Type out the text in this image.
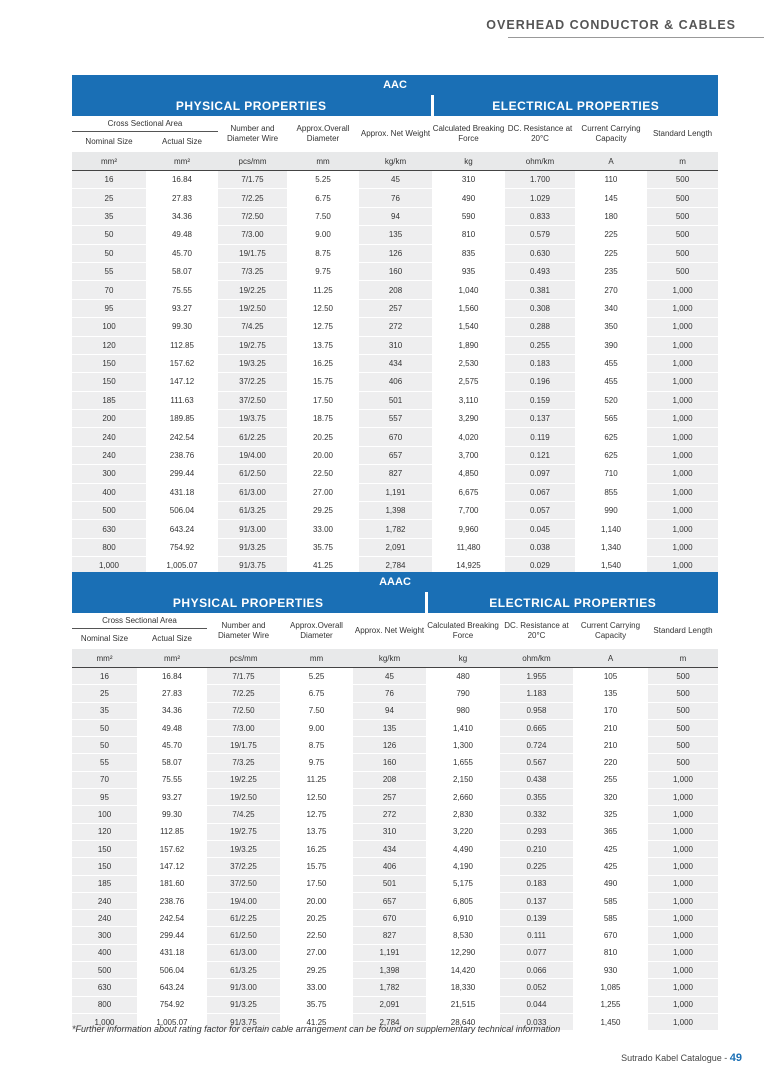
OVERHEAD CONDUCTOR & CABLES
AAC								
PHYSICAL PROPERTIES					ELECTRICAL PROPERTIES			
Cross Sectional Area		Number and Diameter Wire	Approx.Overall Diameter	Approx. Net Weight	Calculated Breaking Force	DC. Resistance at 20°C	Current Carrying Capacity	Standard Length
Nominal Size	Actual Size							
mm²	mm²	pcs/mm	mm	kg/km	kg	ohm/km	A	m
16	16.84	7/1.75	5.25	45	310	1.700	110	500
25	27.83	7/2.25	6.75	76	490	1.029	145	500
35	34.36	7/2.50	7.50	94	590	0.833	180	500
50	49.48	7/3.00	9.00	135	810	0.579	225	500
50	45.70	19/1.75	8.75	126	835	0.630	225	500
55	58.07	7/3.25	9.75	160	935	0.493	235	500
70	75.55	19/2.25	11.25	208	1,040	0.381	270	1,000
95	93.27	19/2.50	12.50	257	1,560	0.308	340	1,000
100	99.30	7/4.25	12.75	272	1,540	0.288	350	1,000
120	112.85	19/2.75	13.75	310	1,890	0.255	390	1,000
150	157.62	19/3.25	16.25	434	2,530	0.183	455	1,000
150	147.12	37/2.25	15.75	406	2,575	0.196	455	1,000
185	111.63	37/2.50	17.50	501	3,110	0.159	520	1,000
200	189.85	19/3.75	18.75	557	3,290	0.137	565	1,000
240	242.54	61/2.25	20.25	670	4,020	0.119	625	1,000
240	238.76	19/4.00	20.00	657	3,700	0.121	625	1,000
300	299.44	61/2.50	22.50	827	4,850	0.097	710	1,000
400	431.18	61/3.00	27.00	1,191	6,675	0.067	855	1,000
500	506.04	61/3.25	29.25	1,398	7,700	0.057	990	1,000
630	643.24	91/3.00	33.00	1,782	9,960	0.045	1,140	1,000
800	754.92	91/3.25	35.75	2,091	11,480	0.038	1,340	1,000
1,000	1,005.07	91/3.75	41.25	2,784	14,925	0.029	1,540	1,000
AAAC								
PHYSICAL PROPERTIES					ELECTRICAL PROPERTIES			
Cross Sectional Area		Number and Diameter Wire	Approx.Overall Diameter	Approx. Net Weight	Calculated Breaking Force	DC. Resistance at 20°C	Current Carrying Capacity	Standard Length
Nominal Size	Actual Size							
mm²	mm²	pcs/mm	mm	kg/km	kg	ohm/km	A	m
16	16.84	7/1.75	5.25	45	480	1.955	105	500
25	27.83	7/2.25	6.75	76	790	1.183	135	500
35	34.36	7/2.50	7.50	94	980	0.958	170	500
50	49.48	7/3.00	9.00	135	1,410	0.665	210	500
50	45.70	19/1.75	8.75	126	1,300	0.724	210	500
55	58.07	7/3.25	9.75	160	1,655	0.567	220	500
70	75.55	19/2.25	11.25	208	2,150	0.438	255	1,000
95	93.27	19/2.50	12.50	257	2,660	0.355	320	1,000
100	99.30	7/4.25	12.75	272	2,830	0.332	325	1,000
120	112.85	19/2.75	13.75	310	3,220	0.293	365	1,000
150	157.62	19/3.25	16.25	434	4,490	0.210	425	1,000
150	147.12	37/2.25	15.75	406	4,190	0.225	425	1,000
185	181.60	37/2.50	17.50	501	5,175	0.183	490	1,000
240	238.76	19/4.00	20.00	657	6,805	0.137	585	1,000
240	242.54	61/2.25	20.25	670	6,910	0.139	585	1,000
300	299.44	61/2.50	22.50	827	8,530	0.111	670	1,000
400	431.18	61/3.00	27.00	1,191	12,290	0.077	810	1,000
500	506.04	61/3.25	29.25	1,398	14,420	0.066	930	1,000
630	643.24	91/3.00	33.00	1,782	18,330	0.052	1,085	1,000
800	754.92	91/3.25	35.75	2,091	21,515	0.044	1,255	1,000
1,000	1,005.07	91/3.75	41.25	2,784	28,640	0.033	1,450	1,000
*Further information about rating factor for certain cable arrangement can be found on supplementary technical information
Sutrado Kabel Catalogue - 49
